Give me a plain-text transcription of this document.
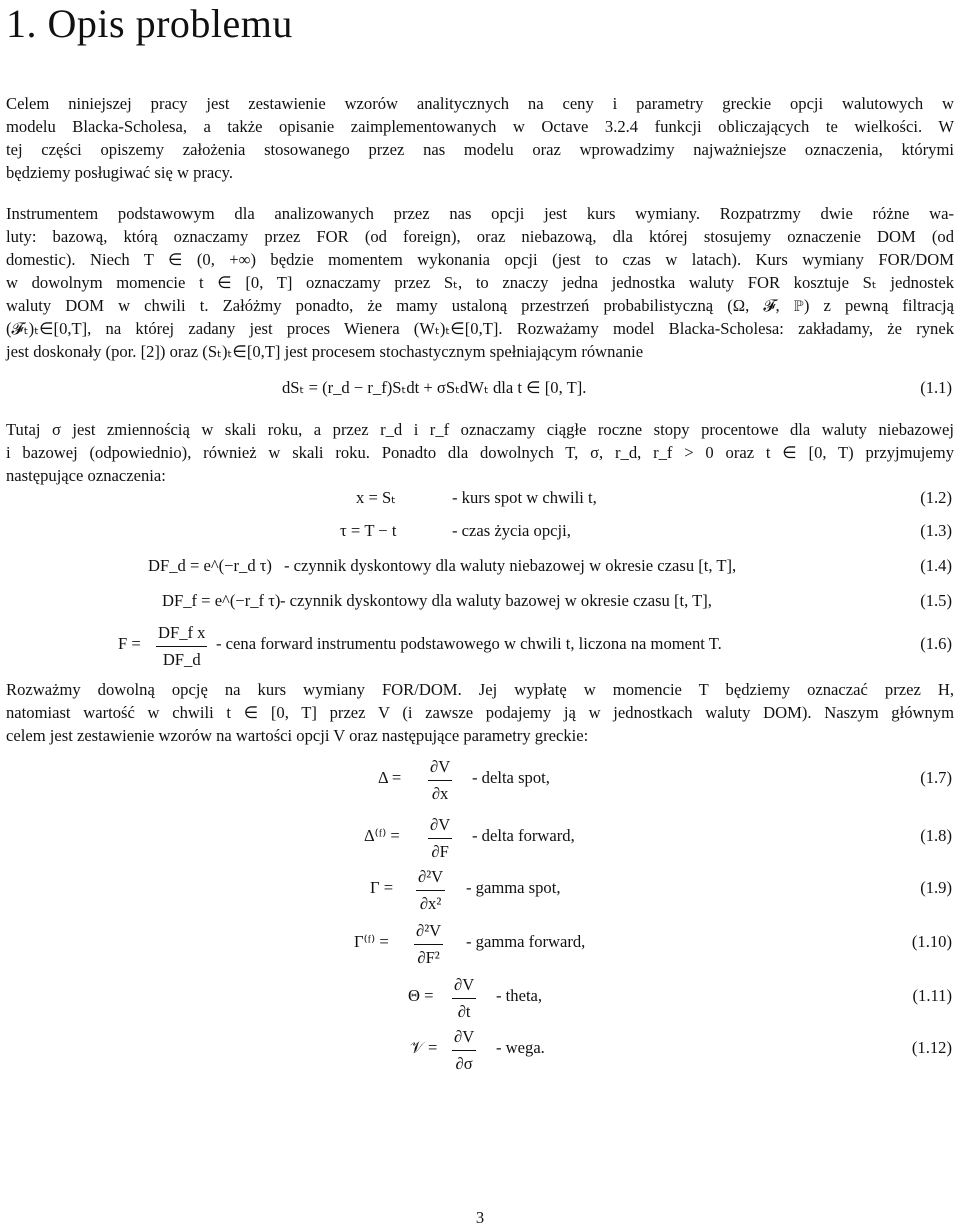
1. Opis problemu

Celem niniejszej pracy jest zestawienie wzorów analitycznych na ceny i parametry greckie opcji walutowych w
modelu Blacka-Scholesa, a także opisanie zaimplementowanych w Octave 3.2.4 funkcji obliczających te wielkości. W
tej części opiszemy założenia stosowanego przez nas modelu oraz wprowadzimy najważniejsze oznaczenia, którymi
będziemy posługiwać się w pracy.

Instrumentem podstawowym dla analizowanych przez nas opcji jest kurs wymiany. Rozpatrzmy dwie różne wa-
luty: bazową, którą oznaczamy przez FOR (od foreign), oraz niebazową, dla której stosujemy oznaczenie DOM (od
domestic). Niech T ∈ (0, +∞) będzie momentem wykonania opcji (jest to czas w latach). Kurs wymiany FOR/DOM
w dowolnym momencie t ∈ [0, T] oznaczamy przez Sₜ, to znaczy jedna jednostka waluty FOR kosztuje Sₜ jednostek
waluty DOM w chwili t. Załóżmy ponadto, że mamy ustaloną przestrzeń probabilistyczną (Ω, 𝓕, ℙ) z pewną filtracją
(𝓕ₜ)ₜ∈[0,T], na której zadany jest proces Wienera (Wₜ)ₜ∈[0,T]. Rozważamy model Blacka-Scholesa: zakładamy, że rynek
jest doskonały (por. [2]) oraz (Sₜ)ₜ∈[0,T] jest procesem stochastycznym spełniającym równanie

dSₜ = (r_d − r_f)Sₜdt + σSₜdWₜ dla t ∈ [0, T].	(1.1)

Tutaj σ jest zmiennością w skali roku, a przez r_d i r_f oznaczamy ciągłe roczne stopy procentowe dla waluty niebazowej
i bazowej (odpowiednio), również w skali roku. Ponadto dla dowolnych T, σ, r_d, r_f > 0 oraz t ∈ [0, T) przyjmujemy
następujące oznaczenia:

x = Sₜ	- kurs spot w chwili t,	(1.2)
τ = T − t	- czas życia opcji,	(1.3)
DF_d = e^(−r_d τ) - czynnik dyskontowy dla waluty niebazowej w okresie czasu [t, T],	(1.4)
DF_f = e^(−r_f τ) - czynnik dyskontowy dla waluty bazowej w okresie czasu [t, T],	(1.5)
$F = \frac{\text{DF\_f x}}{DF\_d}$ - cena forward instrumentu podstawowego w chwili t, liczona na moment T.	(1.6)

Rozważmy dowolną opcję na kurs wymiany FOR/DOM. Jej wypłatę w momencie T będziemy oznaczać przez H,
natomiast wartość w chwili t ∈ [0, T] przez V (i zawsze podajemy ją w jednostkach waluty DOM). Naszym głównym
celem jest zestawienie wzorów na wartości opcji V oraz następujące parametry greckie:

$\Delta = \frac{\partial V}{\partial x}$ - delta spot,	(1.7)
Δ⁽ᶠ⁾ = $\frac{\partial V}{\partial F}$ - delta forward,	(1.8)
$\Gamma = \frac{\text{∂²V}}{\text{∂x²}}$ - gamma spot,	(1.9)
Γ⁽ᶠ⁾ = $\frac{\text{∂²V}}{\text{∂F²}}$ - gamma forward,	(1.10)
$\Theta = \frac{\partial V}{\partial t}$ - theta,	(1.11)
𝒱 = $\frac{\partial V}{\partial\sigma}$ - wega.	(1.12)
3
